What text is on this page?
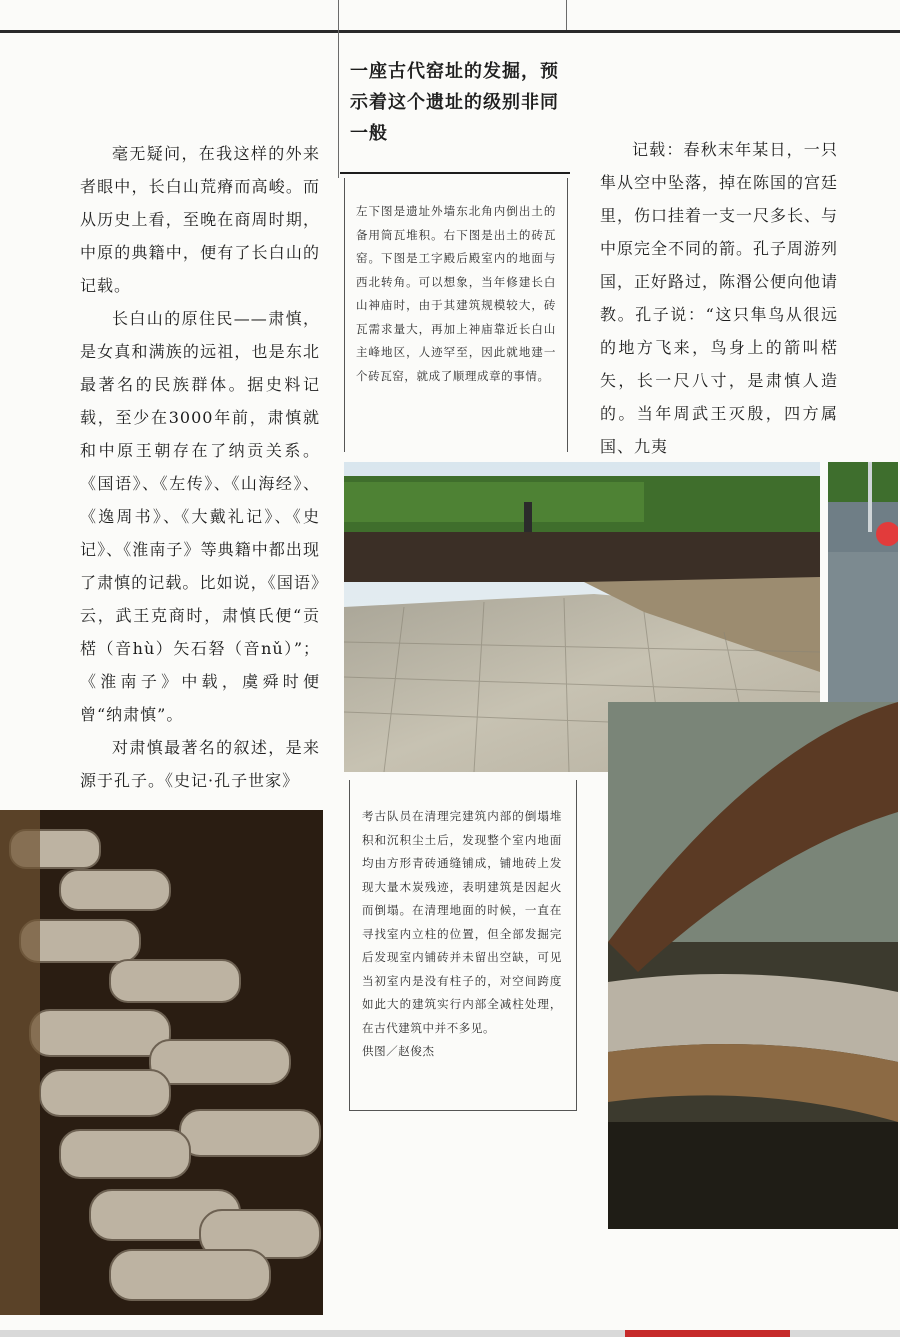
毫无疑问，在我这样的外来者眼中，长白山荒瘠而高峻。而从历史上看，至晚在商周时期，中原的典籍中，便有了长白山的记载。

长白山的原住民——肃慎，是女真和满族的远祖，也是东北最著名的民族群体。据史料记载，至少在3000年前，肃慎就和中原王朝存在了纳贡关系。《国语》、《左传》、《山海经》、《逸周书》、《大戴礼记》、《史记》、《淮南子》等典籍中都出现了肃慎的记载。比如说，《国语》云，武王克商时，肃慎氏便“贡楛（音hù）矢石砮（音nǔ）”；《淮南子》中载，虞舜时便曾“纳肃慎”。

对肃慎最著名的叙述，是来源于孔子。《史记·孔子世家》

一座古代窑址的发掘，预示着这个遗址的级别非同一般
左下图是遗址外墙东北角内倒出土的备用筒瓦堆积。右下图是出土的砖瓦窑。下图是工字殿后殿室内的地面与西北转角。可以想象，当年修建长白山神庙时，由于其建筑规模较大，砖瓦需求量大，再加上神庙靠近长白山主峰地区，人迹罕至，因此就地建一个砖瓦窑，就成了顺理成章的事情。

记载：春秋末年某日，一只隼从空中坠落，掉在陈国的宫廷里，伤口挂着一支一尺多长、与中原完全不同的箭。孔子周游列国，正好路过，陈湣公便向他请教。孔子说：“这只隼鸟从很远的地方飞来，鸟身上的箭叫楛矢，长一尺八寸，是肃慎人造的。当年周武王灭殷，四方属国、九夷

考古队员在清理完建筑内部的倒塌堆积和沉积尘土后，发现整个室内地面均由方形青砖通缝铺成，铺地砖上发现大量木炭残迹，表明建筑是因起火而倒塌。在清理地面的时候，一直在寻找室内立柱的位置，但全部发掘完后发现室内铺砖并未留出空缺，可见当初室内是没有柱子的，对空间跨度如此大的建筑实行内部全减柱处理，在古代建筑中并不多见。
供图／赵俊杰
